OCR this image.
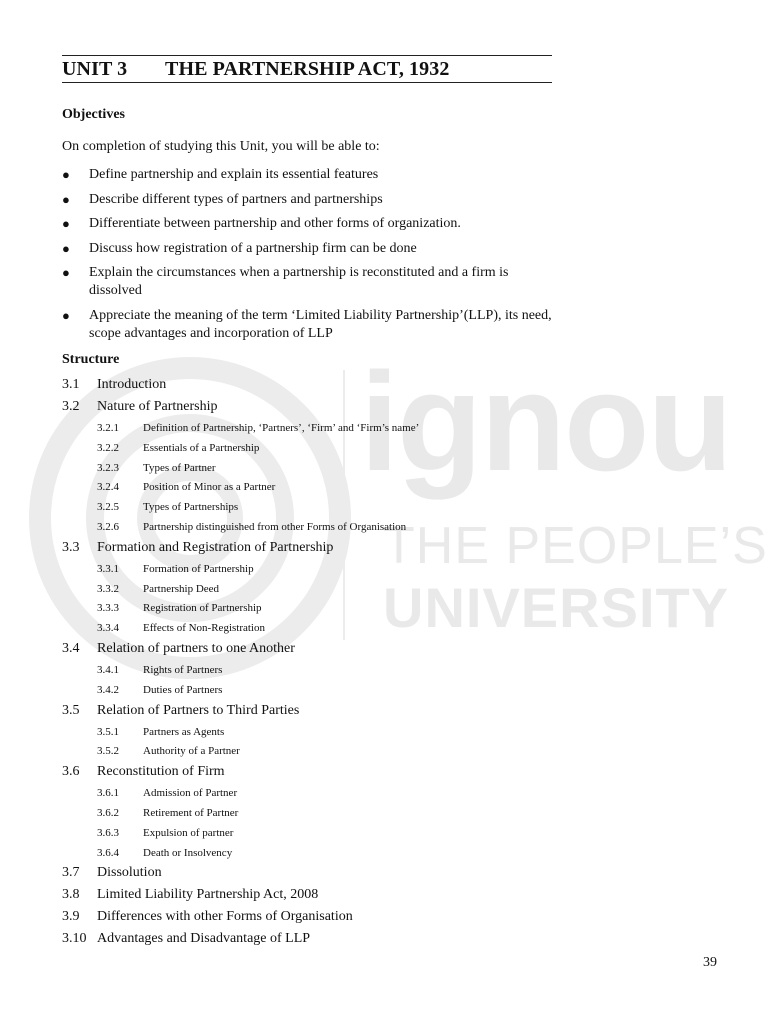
ignou
THE PEOPLE’S
UNIVERSITY
UNIT 3 THE PARTNERSHIP ACT, 1932
Objectives
On completion of studying this Unit, you will be able to:
● Define partnership and explain its essential features
● Describe different types of partners and partnerships
● Differentiate between partnership and other forms of organization.
● Discuss how registration of a partnership firm can be done
● Explain the circumstances when a partnership is reconstituted and a firm is dissolved
● Appreciate the meaning of the term ‘Limited Liability Partnership’(LLP), its need, scope advantages and incorporation of LLP
Structure
3.1	Introduction
3.2	Nature of Partnership
3.2.1	Definition of Partnership, ‘Partners’, ‘Firm’ and ‘Firm’s name’
3.2.2	Essentials of a Partnership
3.2.3	Types of Partner
3.2.4	Position of Minor as a Partner
3.2.5	Types of Partnerships
3.2.6	Partnership distinguished from other Forms of Organisation
3.3	Formation and Registration of Partnership
3.3.1	Formation of Partnership
3.3.2	Partnership Deed
3.3.3	Registration of Partnership
3.3.4	Effects of Non-Registration
3.4	Relation of partners to one Another
3.4.1	Rights of Partners
3.4.2	Duties of Partners
3.5	Relation of Partners to Third Parties
3.5.1	Partners as Agents
3.5.2	Authority of a Partner
3.6	Reconstitution of Firm
3.6.1	Admission of Partner
3.6.2	Retirement of Partner
3.6.3	Expulsion of partner
3.6.4	Death or Insolvency
3.7	Dissolution
3.8	Limited Liability Partnership Act, 2008
3.9	Differences with other Forms of Organisation
3.10 Advantages and Disadvantage of LLP
39
